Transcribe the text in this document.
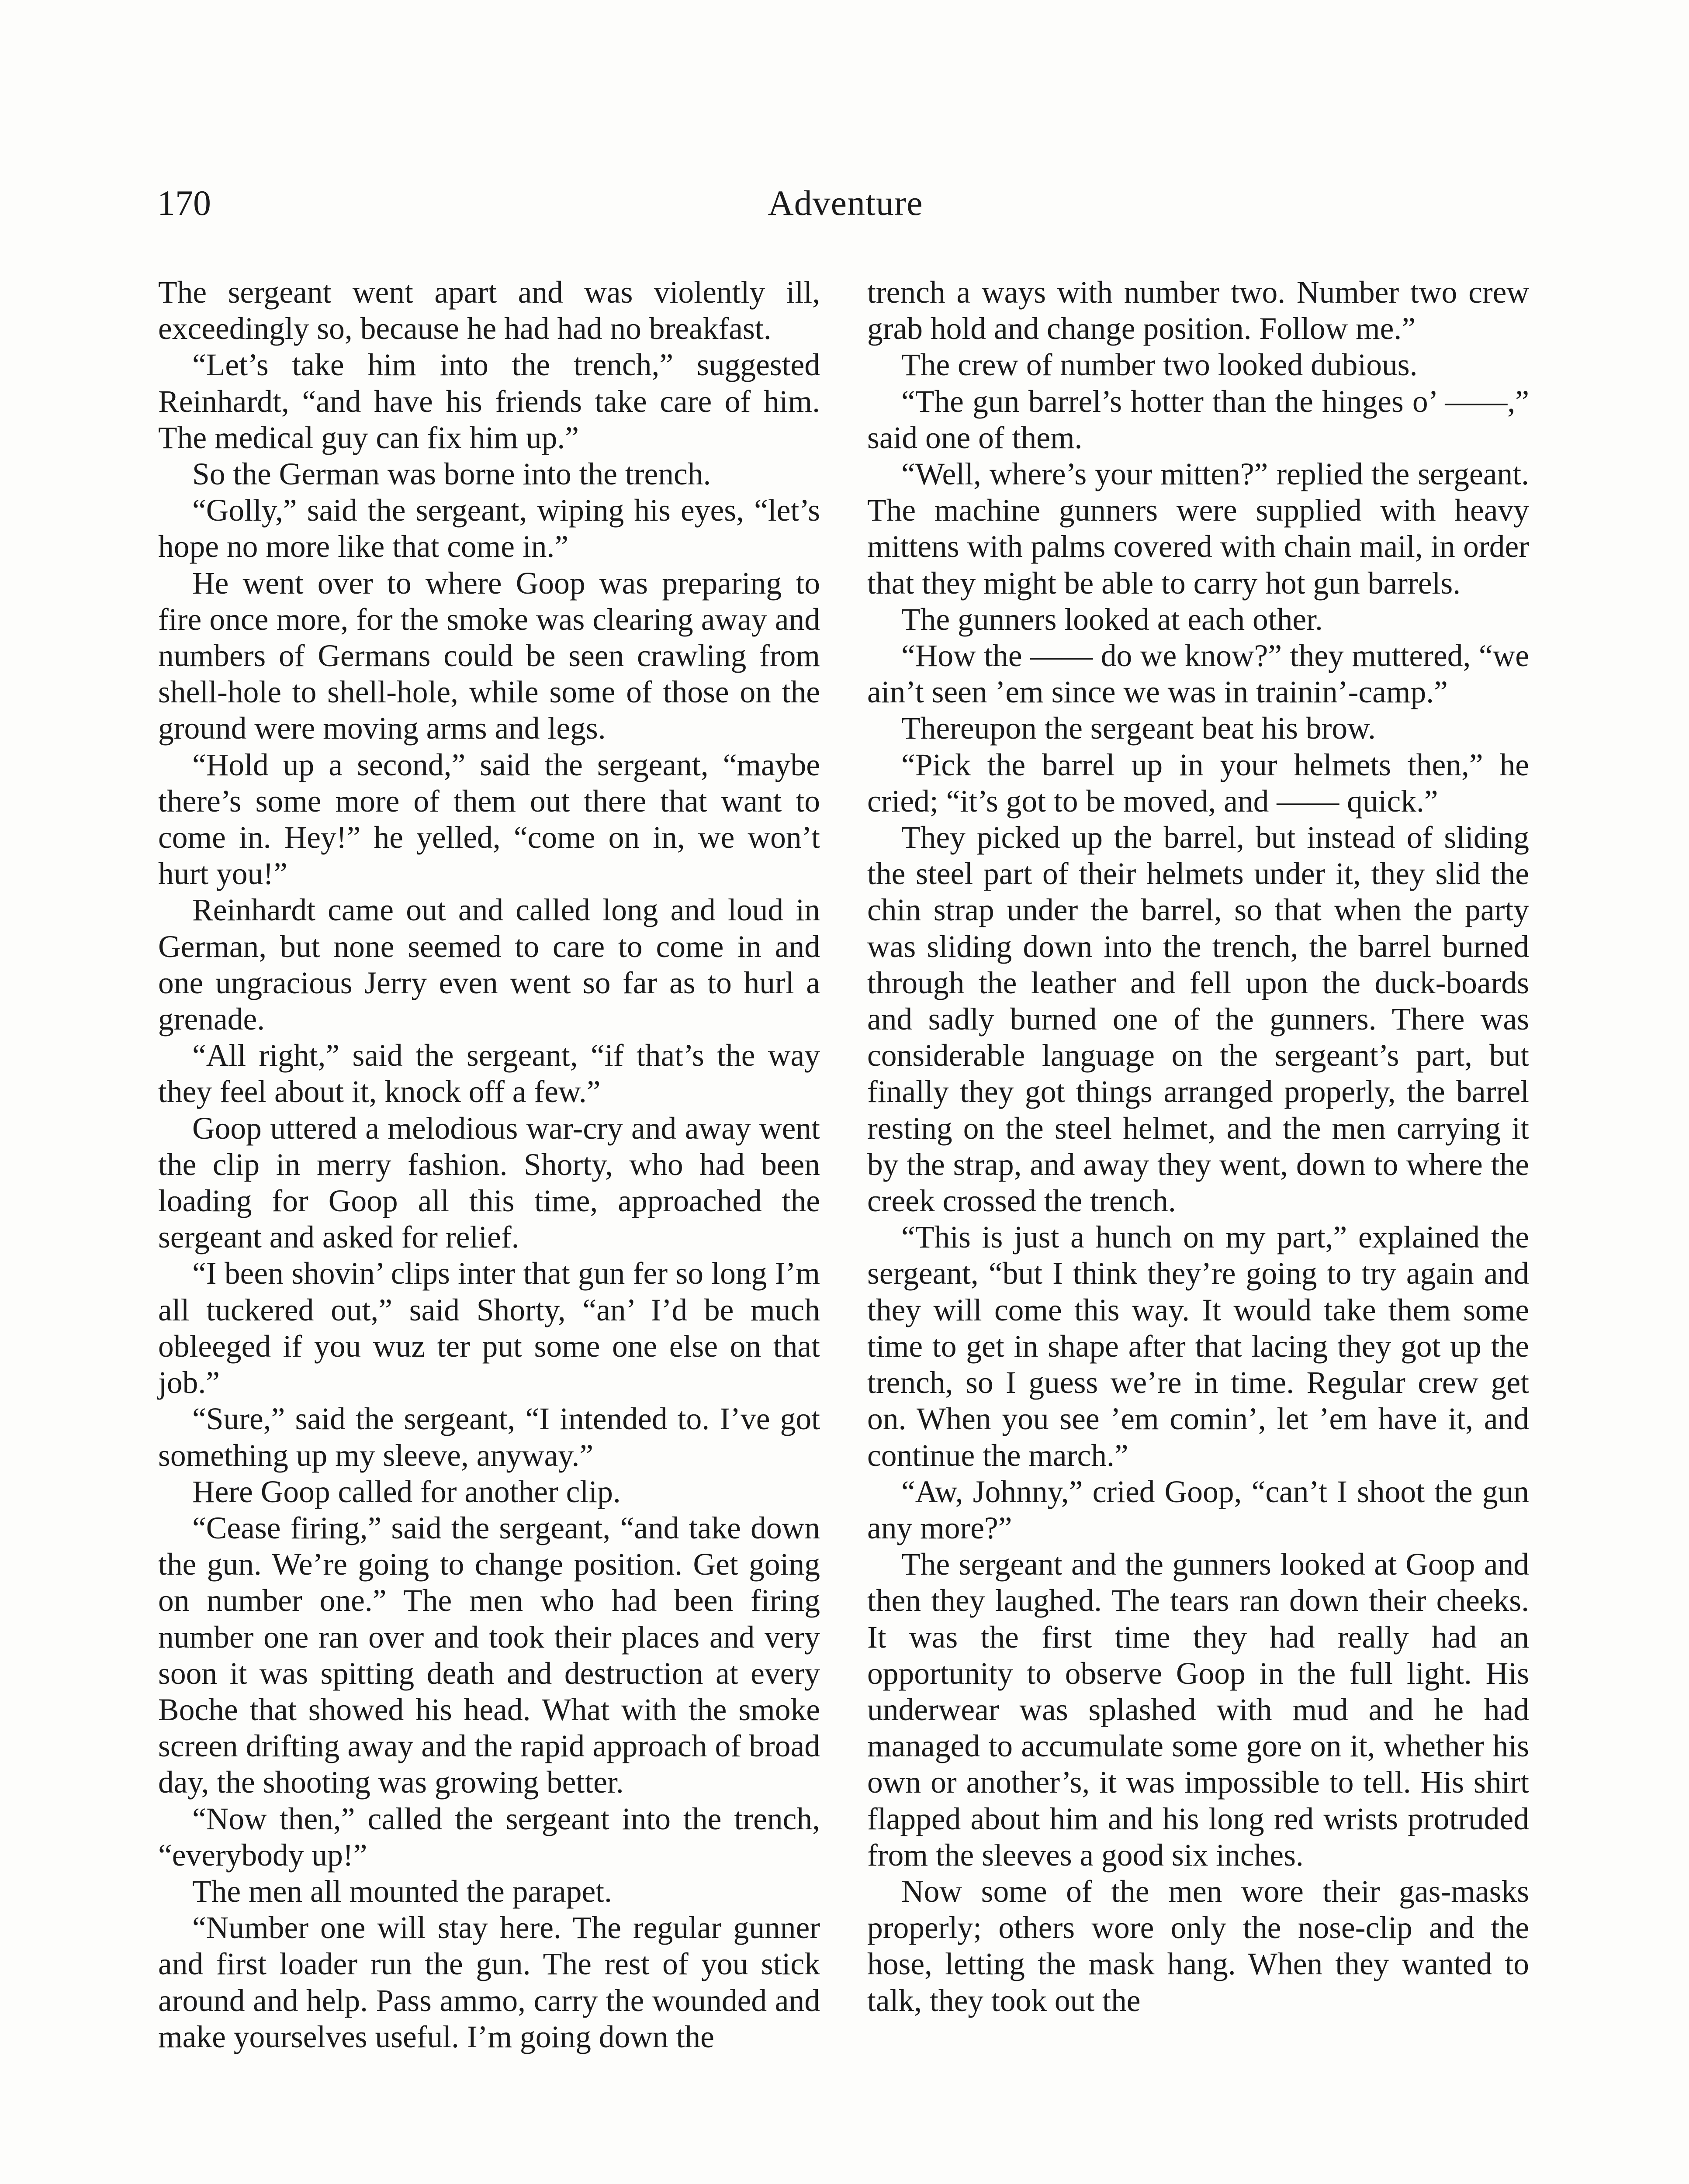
170	Adventure

The sergeant went apart and was violently ill, exceedingly so, because he had had no breakfast.

“Let’s take him into the trench,” suggested Reinhardt, “and have his friends take care of him. The medical guy can fix him up.”

So the German was borne into the trench.

“Golly,” said the sergeant, wiping his eyes, “let’s hope no more like that come in.”

He went over to where Goop was preparing to fire once more, for the smoke was clearing away and numbers of Germans could be seen crawling from shell-hole to shell-hole, while some of those on the ground were moving arms and legs.

“Hold up a second,” said the sergeant, “maybe there’s some more of them out there that want to come in. Hey!” he yelled, “come on in, we won’t hurt you!”

Reinhardt came out and called long and loud in German, but none seemed to care to come in and one ungracious Jerry even went so far as to hurl a grenade.

“All right,” said the sergeant, “if that’s the way they feel about it, knock off a few.”

Goop uttered a melodious war-cry and away went the clip in merry fashion. Shorty, who had been loading for Goop all this time, approached the sergeant and asked for relief.

“I been shovin’ clips inter that gun fer so long I’m all tuckered out,” said Shorty, “an’ I’d be much obleeged if you wuz ter put some one else on that job.”

“Sure,” said the sergeant, “I intended to. I’ve got something up my sleeve, anyway.”

Here Goop called for another clip.

“Cease firing,” said the sergeant, “and take down the gun. We’re going to change position. Get going on number one.” The men who had been firing number one ran over and took their places and very soon it was spitting death and destruction at every Boche that showed his head. What with the smoke screen drifting away and the rapid approach of broad day, the shooting was growing better.

“Now then,” called the sergeant into the trench, “everybody up!”

The men all mounted the parapet.

“Number one will stay here. The regular gunner and first loader run the gun. The rest of you stick around and help. Pass ammo, carry the wounded and make yourselves useful. I’m going down the

trench a ways with number two. Number two crew grab hold and change position. Follow me.”

The crew of number two looked dubious.

“The gun barrel’s hotter than the hinges o’ ——,” said one of them.

“Well, where’s your mitten?” replied the sergeant. The machine gunners were supplied with heavy mittens with palms covered with chain mail, in order that they might be able to carry hot gun barrels.

The gunners looked at each other.

“How the —— do we know?” they muttered, “we ain’t seen ’em since we was in trainin’-camp.”

Thereupon the sergeant beat his brow.

“Pick the barrel up in your helmets then,” he cried; “it’s got to be moved, and —— quick.”

They picked up the barrel, but instead of sliding the steel part of their helmets under it, they slid the chin strap under the barrel, so that when the party was sliding down into the trench, the barrel burned through the leather and fell upon the duck-boards and sadly burned one of the gunners. There was considerable language on the sergeant’s part, but finally they got things arranged properly, the barrel resting on the steel helmet, and the men carrying it by the strap, and away they went, down to where the creek crossed the trench.

“This is just a hunch on my part,” explained the sergeant, “but I think they’re going to try again and they will come this way. It would take them some time to get in shape after that lacing they got up the trench, so I guess we’re in time. Regular crew get on. When you see ’em comin’, let ’em have it, and continue the march.”

“Aw, Johnny,” cried Goop, “can’t I shoot the gun any more?”

The sergeant and the gunners looked at Goop and then they laughed. The tears ran down their cheeks. It was the first time they had really had an opportunity to observe Goop in the full light. His underwear was splashed with mud and he had managed to accumulate some gore on it, whether his own or another’s, it was impossible to tell. His shirt flapped about him and his long red wrists protruded from the sleeves a good six inches.

Now some of the men wore their gas-masks properly; others wore only the nose-clip and the hose, letting the mask hang. When they wanted to talk, they took out the
